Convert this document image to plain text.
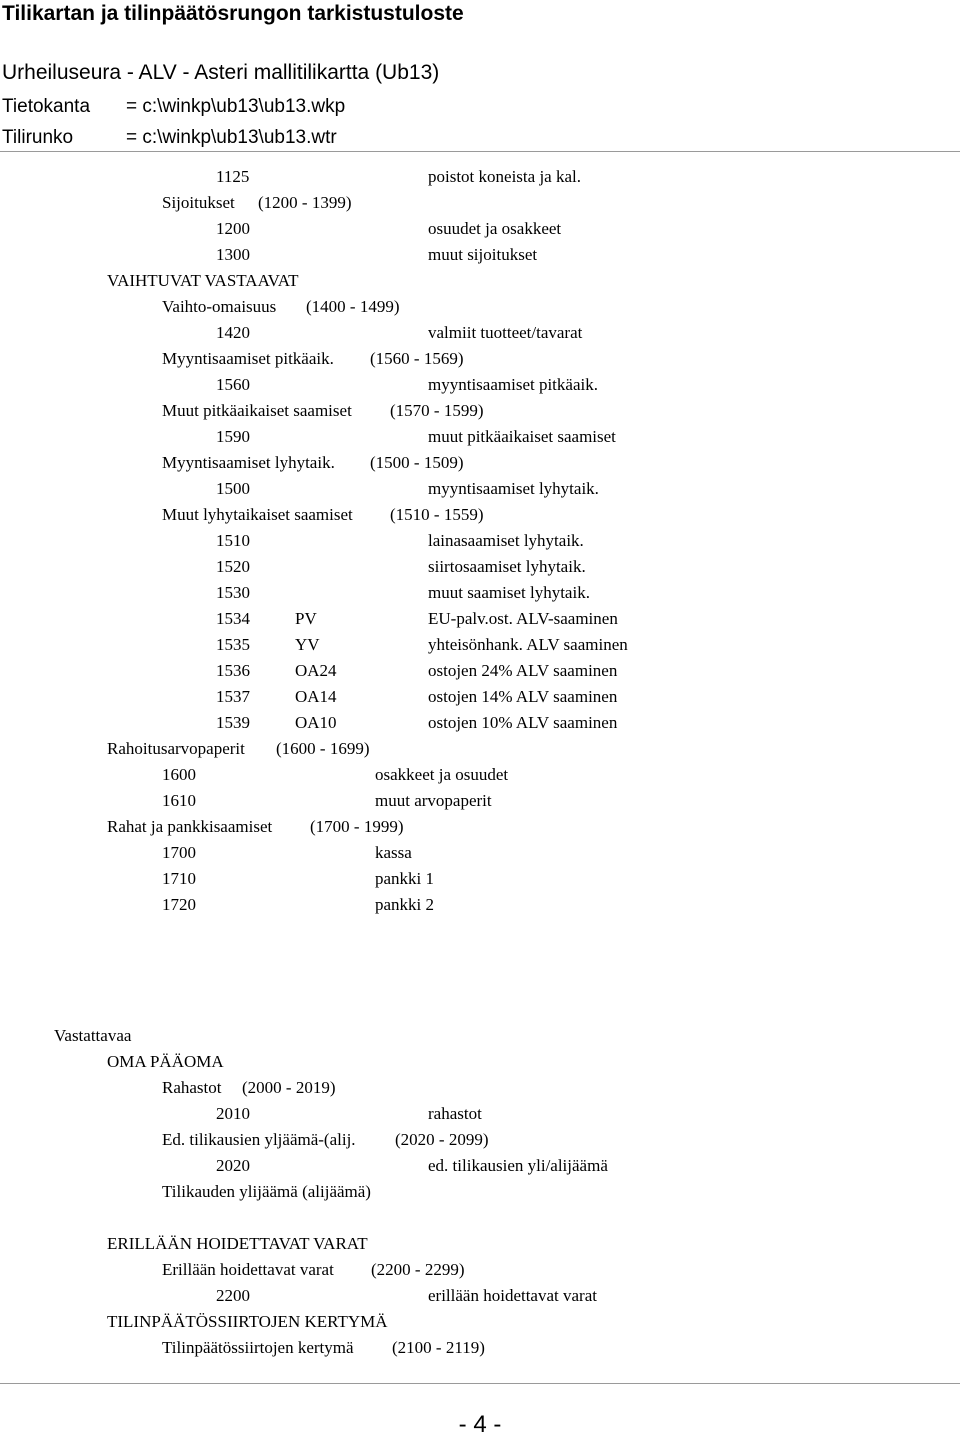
Tilikartan ja tilinpäätösrungon tarkistustuloste
Urheiluseura - ALV - Asteri mallitilikartta (Ub13)
Tietokanta = c:\winkp\ub13\ub13.wkp
Tilirunko	= c:\winkp\ub13\ub13.wtr
1125	poistot koneista ja kal.
Sijoitukset (1200 - 1399)
1200	osuudet ja osakkeet
1300	muut sijoitukset
VAIHTUVAT VASTAAVAT
Vaihto-omaisuus (1400 - 1499)
1420	valmiit tuotteet/tavarat
Myyntisaamiset pitkäaik. (1560 - 1569)
1560	myyntisaamiset pitkäaik.
Muut pitkäaikaiset saamiset (1570 - 1599)
1590	muut pitkäaikaiset saamiset
Myyntisaamiset lyhytaik. (1500 - 1509)
1500	myyntisaamiset lyhytaik.
Muut lyhytaikaiset saamiset (1510 - 1559)
1510	lainasaamiset lyhytaik.
1520	siirtosaamiset lyhytaik.
1530	muut saamiset lyhytaik.
1534	PV	EU-palv.ost. ALV-saaminen
1535	YV	yhteisönhank. ALV saaminen
1536	OA24	ostojen 24% ALV saaminen
1537	OA14	ostojen 14% ALV saaminen
1539	OA10	ostojen 10% ALV saaminen
Rahoitusarvopaperit (1600 - 1699)
1600	osakkeet ja osuudet
1610	muut arvopaperit
Rahat ja pankkisaamiset (1700 - 1999)
1700	kassa
1710	pankki 1
1720	pankki 2
Vastattavaa
OMA PÄÄOMA
Rahastot (2000 - 2019)
2010	rahastot
Ed. tilikausien yljäämä-(alij. (2020 - 2099)
2020	ed. tilikausien yli/alijäämä
Tilikauden ylijäämä (alijäämä)
ERILLÄÄN HOIDETTAVAT VARAT
Erillään hoidettavat varat (2200 - 2299)
2200	erillään hoidettavat varat
TILINPÄÄTÖSSIIRTOJEN KERTYMÄ
Tilinpäätössiirtojen kertymä (2100 - 2119)
- 4 -
